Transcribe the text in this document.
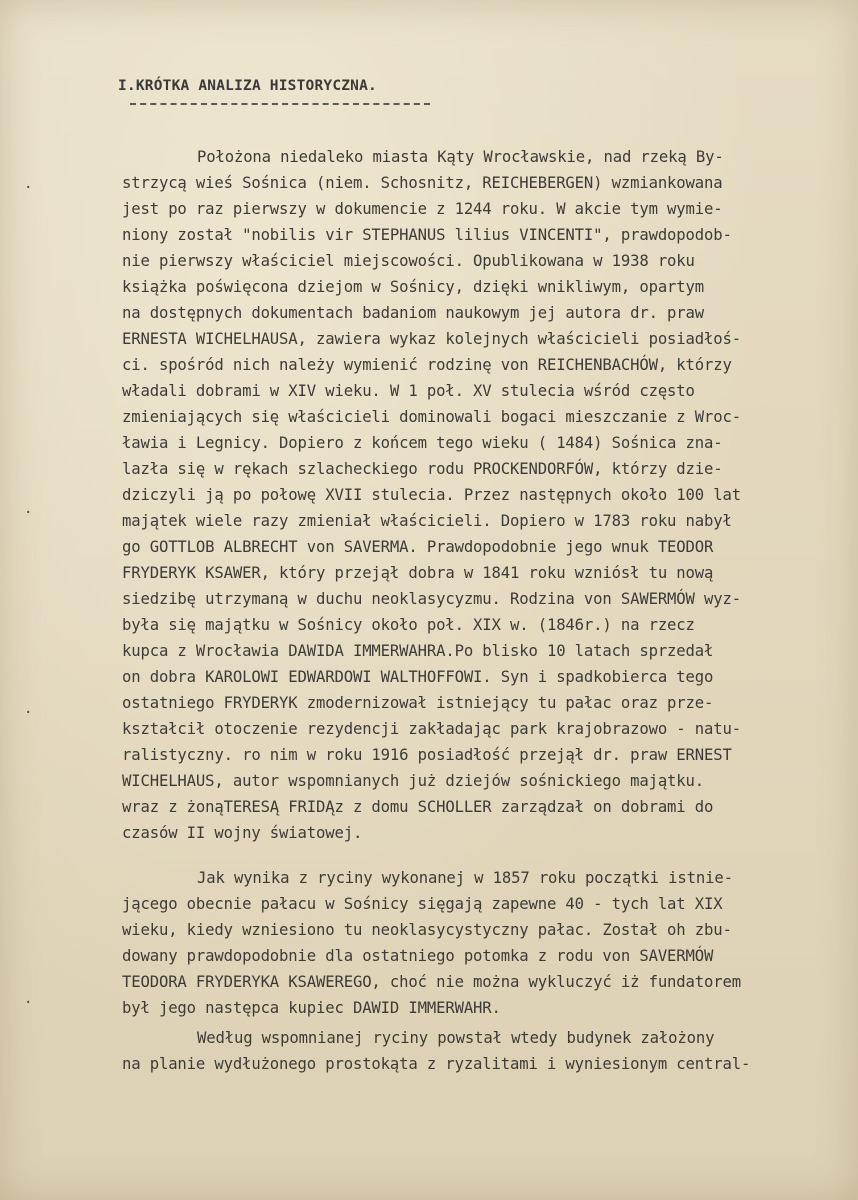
I.KRÓTKA ANALIZA HISTORYCZNA.
·
·
·
·
Położona niedaleko miasta Kąty Wrocławskie, nad rzeką By-
strzycą wieś Sośnica (niem. Schosnitz, REICHEBERGEN) wzmiankowana
jest po raz pierwszy w dokumencie z 1244 roku. W akcie tym wymie-
niony został "nobilis vir STEPHANUS lilius VINCENTI", prawdopodob-
nie pierwszy właściciel miejscowości. Opublikowana w 1938 roku
książka poświęcona dziejom w Sośnicy, dzięki wnikliwym, opartym
na dostępnych dokumentach badaniom naukowym jej autora dr. praw
ERNESTA WICHELHAUSA, zawiera wykaz kolejnych właścicieli posiadłoś-
ci. spośród nich należy wymienić rodzinę von REICHENBACHÓW, którzy
władali dobrami w XIV wieku. W 1 poł. XV stulecia wśród często
zmieniających się właścicieli dominowali bogaci mieszczanie z Wroc-
ławia i Legnicy. Dopiero z końcem tego wieku ( 1484) Sośnica zna-
lazła się w rękach szlacheckiego rodu PROCKENDORFÓW, którzy dzie-
dziczyli ją po połowę XVII stulecia. Przez następnych około 100 lat
majątek wiele razy zmieniał właścicieli. Dopiero w 1783 roku nabył
go GOTTLOB ALBRECHT von SAVERMA. Prawdopodobnie jego wnuk TEODOR
FRYDERYK KSAWER, który przejął dobra w 1841 roku wzniósł tu nową
siedzibę utrzymaną w duchu neoklasycyzmu. Rodzina von SAWERMÓW wyz-
była się majątku w Sośnicy około poł. XIX w. (1846r.) na rzecz
kupca z Wrocławia DAWIDA IMMERWAHRA.Po blisko 10 latach sprzedał
on dobra KAROLOWI EDWARDOWI WALTHOFFOWI. Syn i spadkobierca tego
ostatniego FRYDERYK zmodernizował istniejący tu pałac oraz prze-
kształcił otoczenie rezydencji zakładając park krajobrazowo - natu-
ralistyczny. ro nim w roku 1916 posiadłość przejął dr. praw ERNEST
WICHELHAUS, autor wspomnianych już dziejów sośnickiego majątku.
wraz z żonąTERESĄ FRIDĄz z domu SCHOLLER zarządzał on dobrami do
czasów II wojny światowej.
Jak wynika z ryciny wykonanej w 1857 roku początki istnie-
jącego obecnie pałacu w Sośnicy sięgają zapewne 40 - tych lat XIX
wieku, kiedy wzniesiono tu neoklasycystyczny pałac. Został oh zbu-
dowany prawdopodobnie dla ostatniego potomka z rodu von SAVERMÓW
TEODORA FRYDERYKA KSAWEREGO, choć nie można wykluczyć iż fundatorem
był jego następca kupiec DAWID IMMERWAHR.
Według wspomnianej ryciny powstał wtedy budynek założony
na planie wydłużonego prostokąta z ryzalitami i wyniesionym central-
